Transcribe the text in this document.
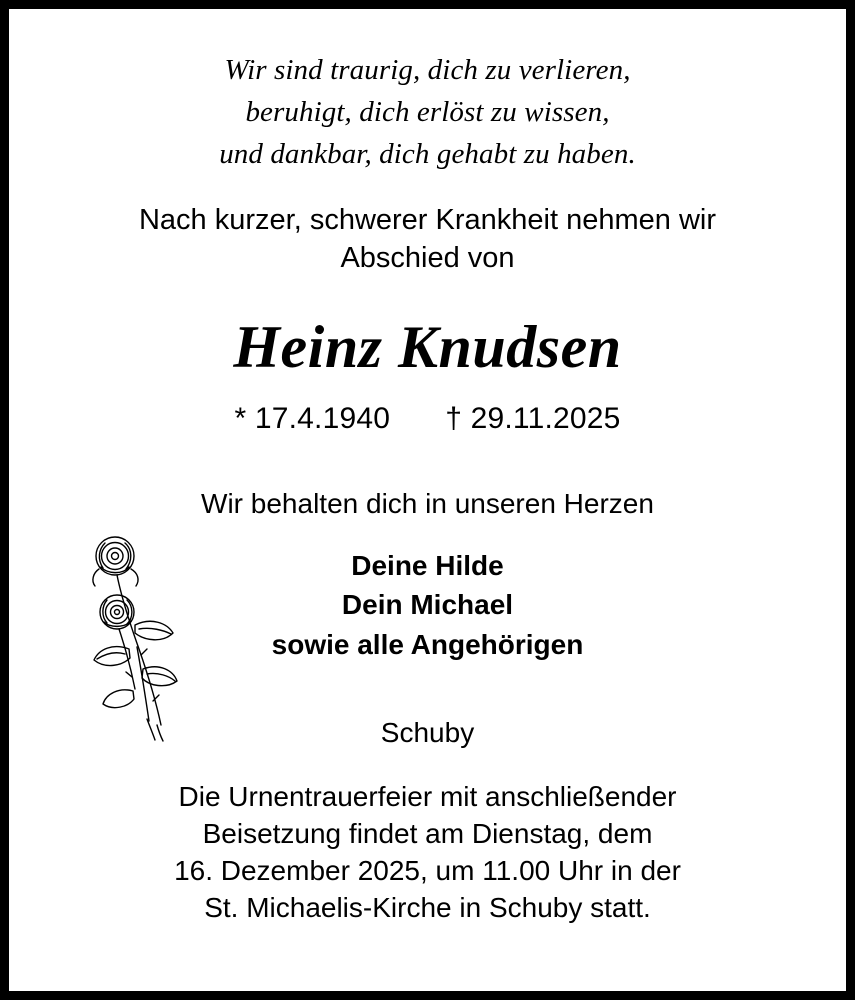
Wir sind traurig, dich zu verlieren,
beruhigt, dich erlöst zu wissen,
und dankbar, dich gehabt zu haben.
Nach kurzer, schwerer Krankheit nehmen wir
Abschied von
Heinz Knudsen
* 17.4.1940 † 29.11.2025
Wir behalten dich in unseren Herzen
Deine Hilde
Dein Michael
sowie alle Angehörigen
Schuby
Die Urnentrauerfeier mit anschließender
Beisetzung findet am Dienstag, dem
16. Dezember 2025, um 11.00 Uhr in der
St. Michaelis-Kirche in Schuby statt.
